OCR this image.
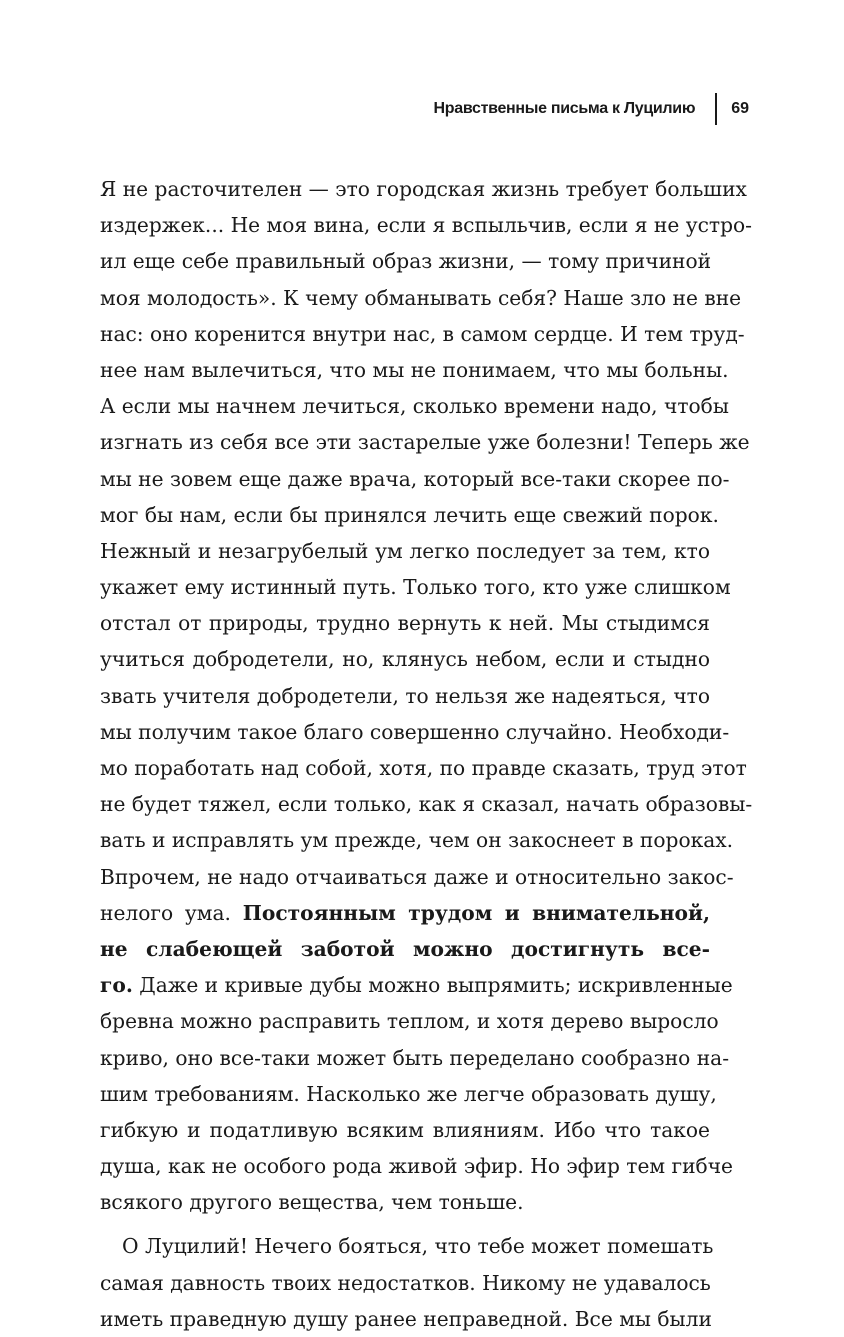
Нравственные письма к Луцилию 69
Я не расточителен — это городская жизнь требует больших
издержек... Не моя вина, если я вспыльчив, если я не устро-
ил еще себе правильный образ жизни, — тому причиной
моя молодость». К чему обманывать себя? Наше зло не вне
нас: оно коренится внутри нас, в самом сердце. И тем труд-
нее нам вылечиться, что мы не понимаем, что мы больны.
А если мы начнем лечиться, сколько времени надо, чтобы
изгнать из себя все эти застарелые уже болезни! Теперь же
мы не зовем еще даже врача, который все-таки скорее по-
мог бы нам, если бы принялся лечить еще свежий порок.
Нежный и незагрубелый ум легко последует за тем, кто
укажет ему истинный путь. Только того, кто уже слишком
отстал от природы, трудно вернуть к ней. Мы стыдимся
учиться добродетели, но, клянусь небом, если и стыдно
звать учителя добродетели, то нельзя же надеяться, что
мы получим такое благо совершенно случайно. Необходи-
мо поработать над собой, хотя, по правде сказать, труд этот
не будет тяжел, если только, как я сказал, начать образовы-
вать и исправлять ум прежде, чем он закоснеет в пороках.
Впрочем, не надо отчаиваться даже и относительно закос-
нелого ума. Постоянным трудом и внимательной,
не слабеющей заботой можно достигнуть все-
го. Даже и кривые дубы можно выпрямить; искривленные
бревна можно расправить теплом, и хотя дерево выросло
криво, оно все-таки может быть переделано сообразно на-
шим требованиям. Насколько же легче образовать душу,
гибкую и податливую всяким влияниям. Ибо что такое
душа, как не особого рода живой эфир. Но эфир тем гибче
всякого другого вещества, чем тоньше.
О Луцилий! Нечего бояться, что тебе может помешать
самая давность твоих недостатков. Никому не удавалось
иметь праведную душу ранее неправедной. Все мы были
